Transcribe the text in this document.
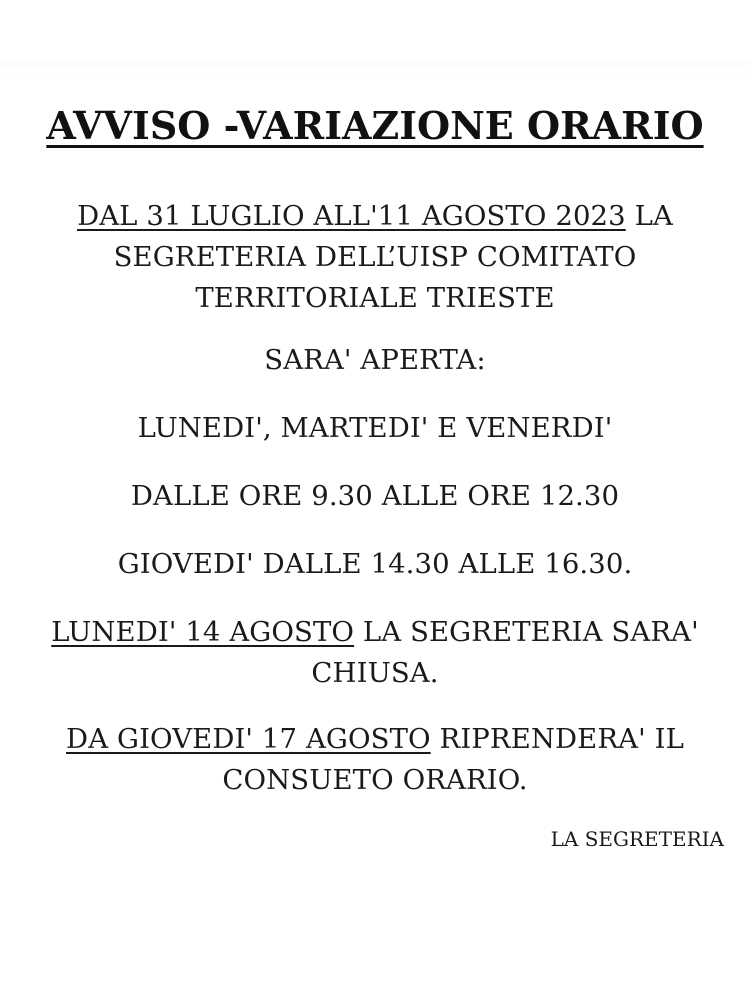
AVVISO -VARIAZIONE ORARIO
DAL 31 LUGLIO ALL'11 AGOSTO 2023 LA
SEGRETERIA DELL’UISP COMITATO
TERRITORIALE TRIESTE
SARA' APERTA:
LUNEDI', MARTEDI' E VENERDI'
DALLE ORE 9.30 ALLE ORE 12.30
GIOVEDI' DALLE 14.30 ALLE 16.30.
LUNEDI' 14 AGOSTO LA SEGRETERIA SARA'
CHIUSA.
DA GIOVEDI' 17 AGOSTO RIPRENDERA' IL
CONSUETO ORARIO.
LA SEGRETERIA
